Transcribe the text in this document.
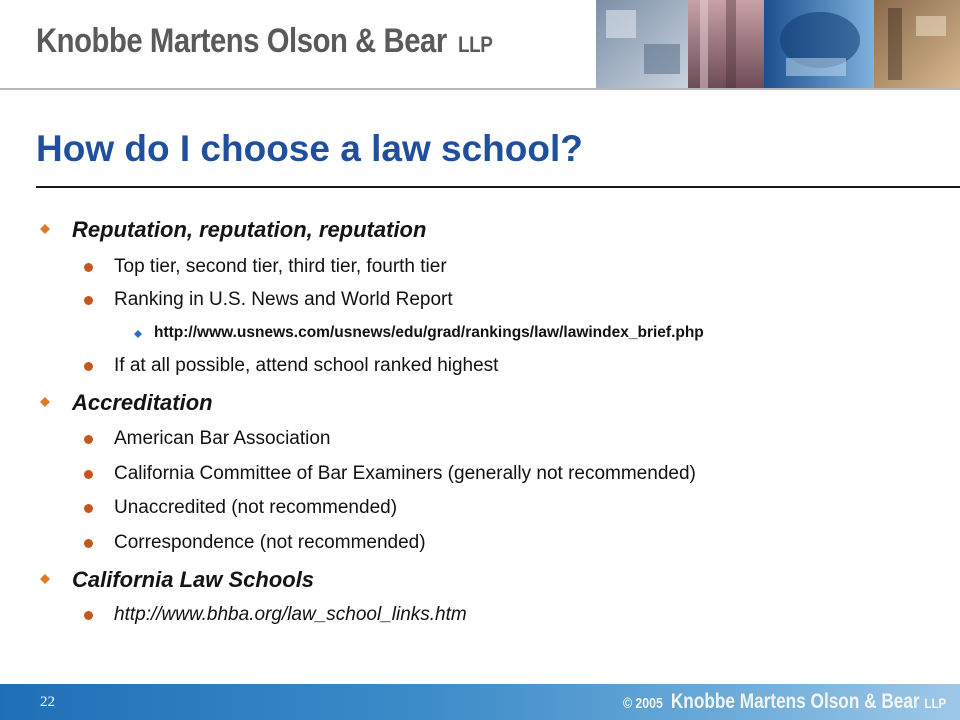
Knobbe Martens Olson & Bear LLP
How do I choose a law school?
Reputation, reputation, reputation
Top tier, second tier, third tier, fourth tier
Ranking in U.S. News and World Report
http://www.usnews.com/usnews/edu/grad/rankings/law/lawindex_brief.php
If at all possible, attend school ranked highest
Accreditation
American Bar Association
California Committee of Bar Examiners (generally not recommended)
Unaccredited (not recommended)
Correspondence (not recommended)
California Law Schools
http://www.bhba.org/law_school_links.htm
22	© 2005 Knobbe Martens Olson & Bear LLP
